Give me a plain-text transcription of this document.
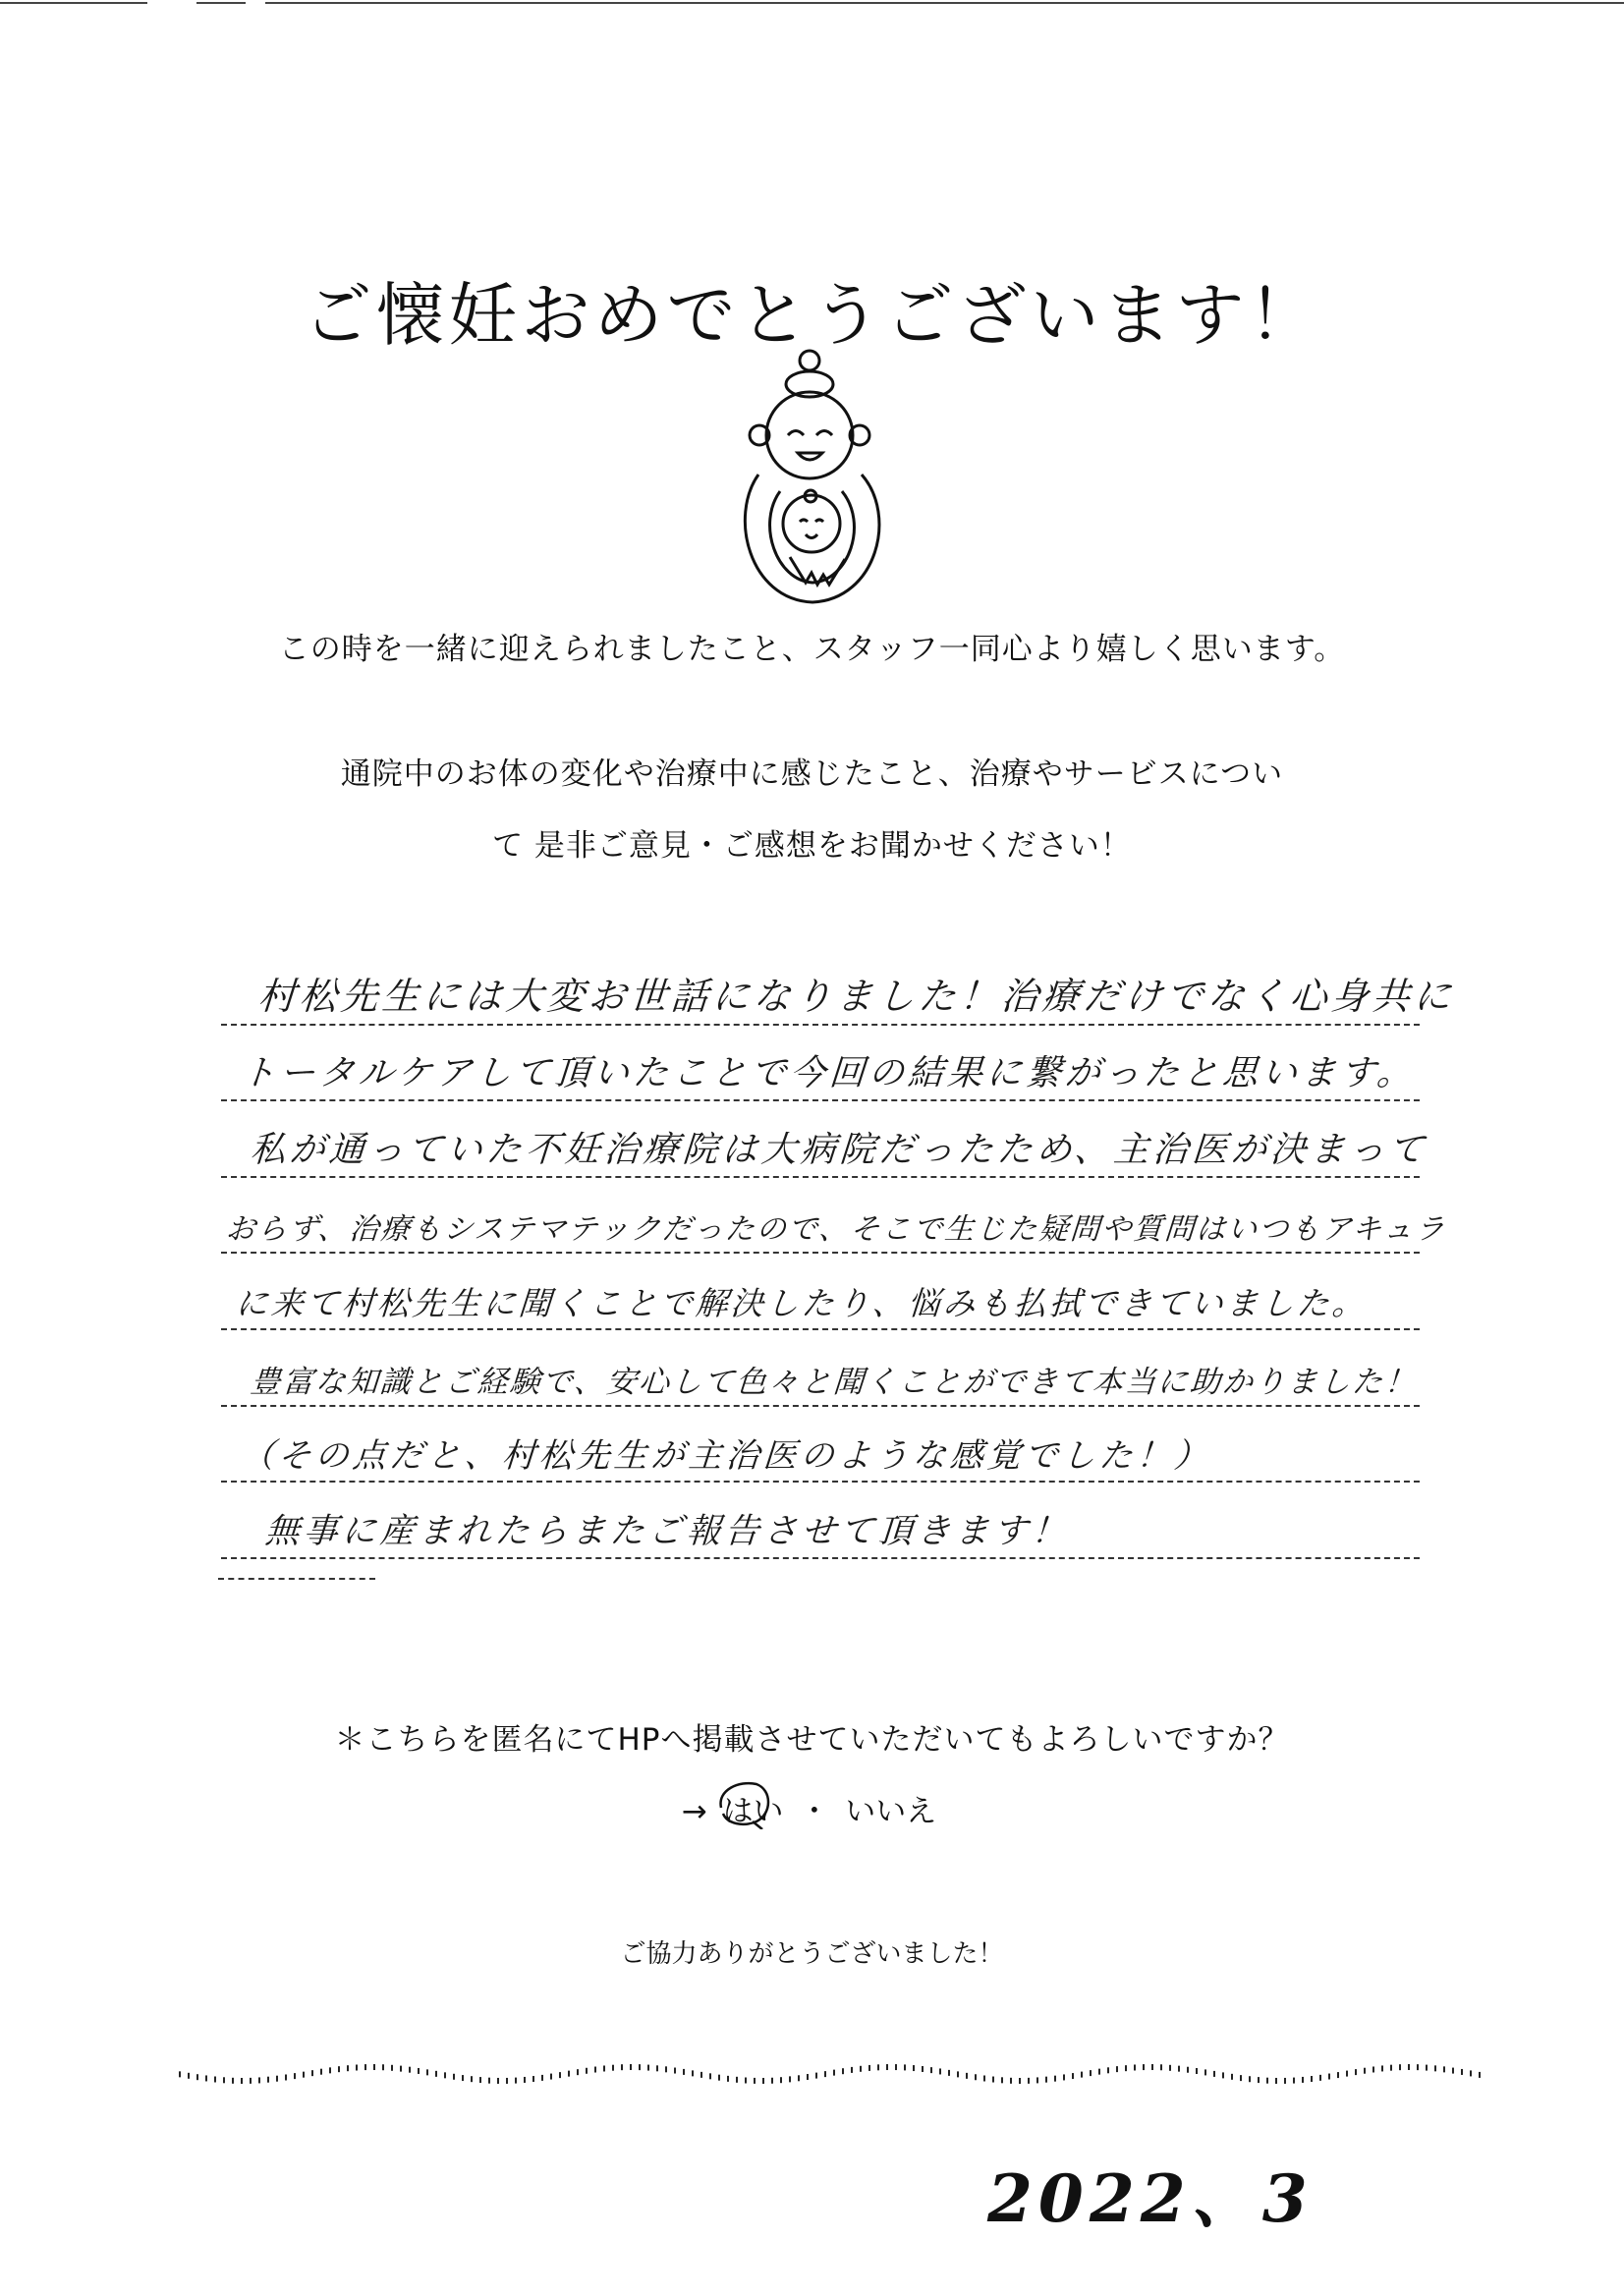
ご懐妊おめでとうございます！
この時を一緒に迎えられましたこと、スタッフ一同心より嬉しく思います。
通院中のお体の変化や治療中に感じたこと、治療やサービスについ
て 是非ご意見・ご感想をお聞かせください！
村松先生には大変お世話になりました！治療だけでなく心身共に
トータルケアして頂いたことで今回の結果に繋がったと思います。
私が通っていた不妊治療院は大病院だったため、主治医が決まって
おらず、治療もシステマテックだったので、そこで生じた疑問や質問はいつもアキュラ
に来て村松先生に聞くことで解決したり、悩みも払拭できていました。
豊富な知識とご経験で、安心して色々と聞くことができて本当に助かりました！
（その点だと、村松先生が主治医のような感覚でした！）
無事に産まれたらまたご報告させて頂きます！
＊こちらを匿名にてHPへ掲載させていただいてもよろしいですか？
→ はい ・ いいえ
ご協力ありがとうございました！
2022、3
